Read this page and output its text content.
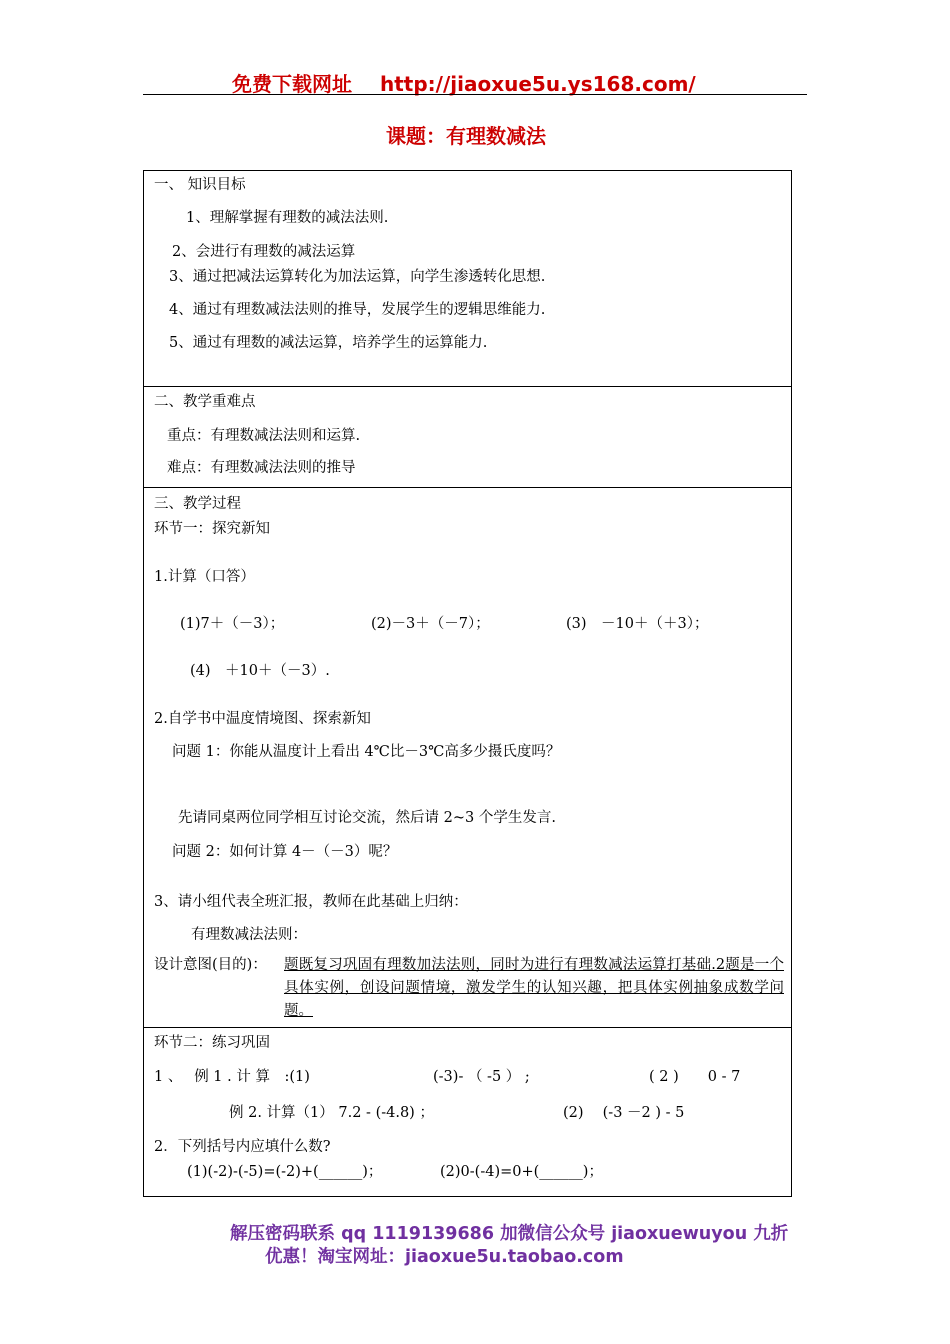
免费下载网址 http://jiaoxue5u.ys168.com/
课题：有理数减法
一、 知识目标
1、理解掌握有理数的减法法则.
2、会进行有理数的减法运算
3、通过把减法运算转化为加法运算，向学生渗透转化思想.
4、通过有理数减法法则的推导，发展学生的逻辑思维能力.
5、通过有理数的减法运算，培养学生的运算能力.
二、教学重难点
重点：有理数减法法则和运算.
难点：有理数减法法则的推导
三、教学过程
环节一：探究新知
1.计算（口答）
(1)7＋（－3）；	(2)－3＋（－7）；	(3)　－10＋（＋3）；
(4)　＋10＋（－3）.
2.自学书中温度情境图、探索新知
问题 1：你能从温度计上看出 4℃比－3℃高多少摄氏度吗？
先请同桌两位同学相互讨论交流，然后请 2~3 个学生发言.
问题 2：如何计算 4－（－3）呢？
3、请小组代表全班汇报，教师在此基础上归纳：
有理数减法法则：
设计意图(目的)： 题既复习巩固有理数加法法则，同时为进行有理数减法运算打基础.2题是一个具体实例，创设问题情境，激发学生的认知兴趣，把具体实例抽象成数学问题。
环节二：练习巩固
1 、　 例 1 . 计 算　:(1)	(-3)- （ -5 ） ;	( 2 )　　0 - 7
例 2. 计算（1） 7.2 - (-4.8) ；	(2)　 (-3 －2 ) - 5
2．下列括号内应填什么数?
(1)(-2)-(-5)=(-2)+(______)；	(2)0-(-4)=0+(______)；
解压密码联系 qq 1119139686 加微信公众号 jiaoxuewuyou 九折
优惠！淘宝网址：jiaoxue5u.taobao.com
